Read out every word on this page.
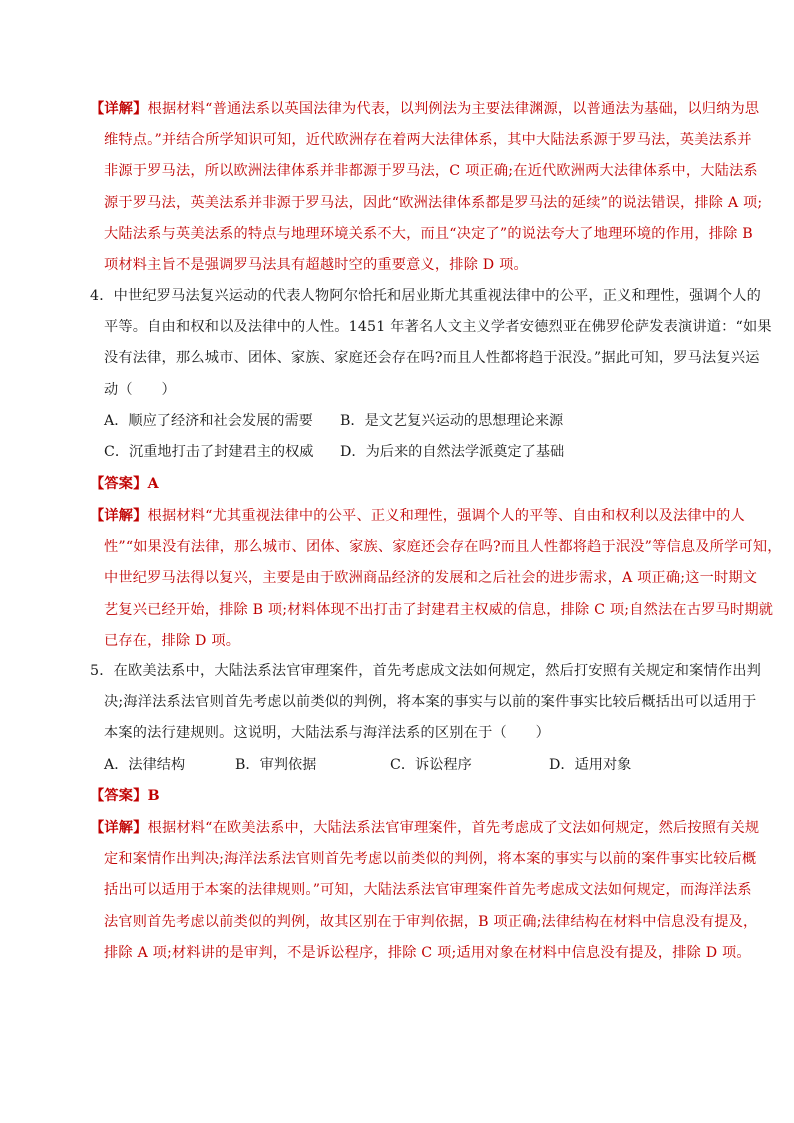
【详解】根据材料“普通法系以英国法律为代表，以判例法为主要法律渊源，以普通法为基础，以归纳为思
维特点。”并结合所学知识可知，近代欧洲存在着两大法律体系，其中大陆法系源于罗马法，英美法系并
非源于罗马法，所以欧洲法律体系并非都源于罗马法，C 项正确;在近代欧洲两大法律体系中，大陆法系
源于罗马法，英美法系并非源于罗马法，因此“欧洲法律体系都是罗马法的延续”的说法错误，排除 A 项;
大陆法系与英美法系的特点与地理环境关系不大，而且“决定了”的说法夸大了地理环境的作用，排除 B
项材料主旨不是强调罗马法具有超越时空的重要意义，排除 D 项。
4．中世纪罗马法复兴运动的代表人物阿尔恰托和居业斯尤其重视法律中的公平，正义和理性，强调个人的
平等。自由和权和以及法律中的人性。1451 年著名人文主义学者安德烈亚在佛罗伦萨发表演讲道：“如果
没有法律，那么城市、团体、家族、家庭还会存在吗?而且人性都将趋于泯没。”据此可知，罗马法复兴运
动（　　）
A．顺应了经济和社会发展的需要 B．是文艺复兴运动的思想理论来源
C．沉重地打击了封建君主的权威 D．为后来的自然法学派奠定了基础
【答案】A
【详解】根据材料“尤其重视法律中的公平、正义和理性，强调个人的平等、自由和权利以及法律中的人
性”“如果没有法律，那么城市、团体、家族、家庭还会存在吗?而且人性都将趋于泯没”等信息及所学可知，
中世纪罗马法得以复兴，主要是由于欧洲商品经济的发展和之后社会的进步需求，A 项正确;这一时期文
艺复兴已经开始，排除 B 项;材料体现不出打击了封建君主权威的信息，排除 C 项;自然法在古罗马时期就
已存在，排除 D 项。
5．在欧美法系中，大陆法系法官审理案件，首先考虑成文法如何规定，然后打安照有关规定和案情作出判
决;海洋法系法官则首先考虑以前类似的判例，将本案的事实与以前的案件事实比较后概括出可以适用于
本案的法行建规则。这说明，大陆法系与海洋法系的区别在于（　　）
A．法律结构	B．审判依据	C．诉讼程序	D．适用对象
【答案】B
【详解】根据材料“在欧美法系中，大陆法系法官审理案件，首先考虑成了文法如何规定，然后按照有关规
定和案情作出判决;海洋法系法官则首先考虑以前类似的判例，将本案的事实与以前的案件事实比较后概
括出可以适用于本案的法律规则。”可知，大陆法系法官审理案件首先考虑成文法如何规定，而海洋法系
法官则首先考虑以前类似的判例，故其区别在于审判依据，B 项正确;法律结构在材料中信息没有提及，
排除 A 项;材料讲的是审判，不是诉讼程序，排除 C 项;适用对象在材料中信息没有提及，排除 D 项。
